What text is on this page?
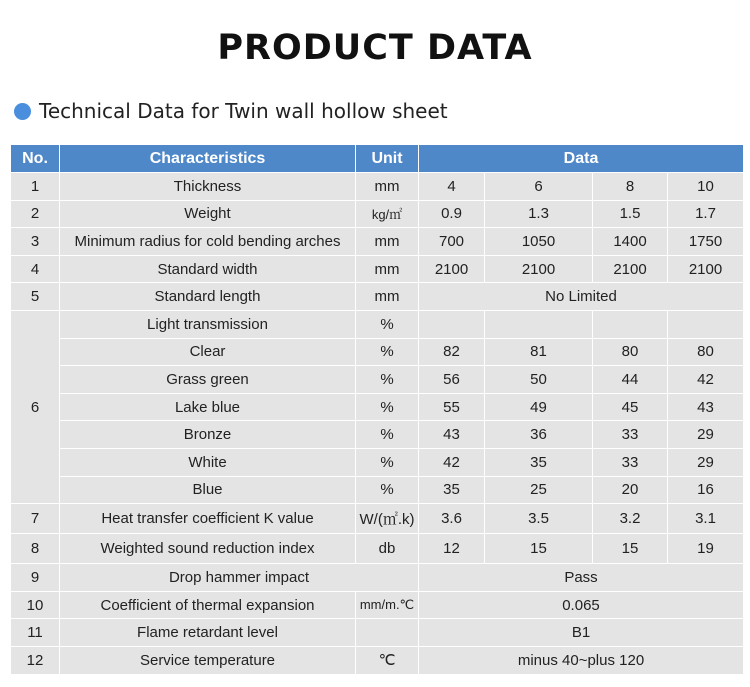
PRODUCT DATA
Technical Data for Twin wall hollow sheet
No.	Characteristics	Unit	Data			
1	Thickness	mm	4	6	8	10
2	Weight	kg/㎡	0.9	1.3	1.5	1.7
3	Minimum radius for cold bending arches	mm	700	1050	1400	1750
4	Standard width	mm	2100	2100	2100	2100
5	Standard length	mm	No Limited			
6	Light transmission	%				
	Clear	%	82	81	80	80
	Grass green	%	56	50	44	42
	Lake blue	%	55	49	45	43
	Bronze	%	43	36	33	29
	White	%	42	35	33	29
	Blue	%	35	25	20	16
7	Heat transfer coefficient K value	W/(㎡.k)	3.6	3.5	3.2	3.1
8	Weighted sound reduction index	db	12	15	15	19
9	Drop hammer impact		Pass			
10	Coefficient of thermal expansion	mm/m.℃	0.065			
11	Flame retardant level		B1			
12	Service temperature	℃	minus 40~plus 120			
